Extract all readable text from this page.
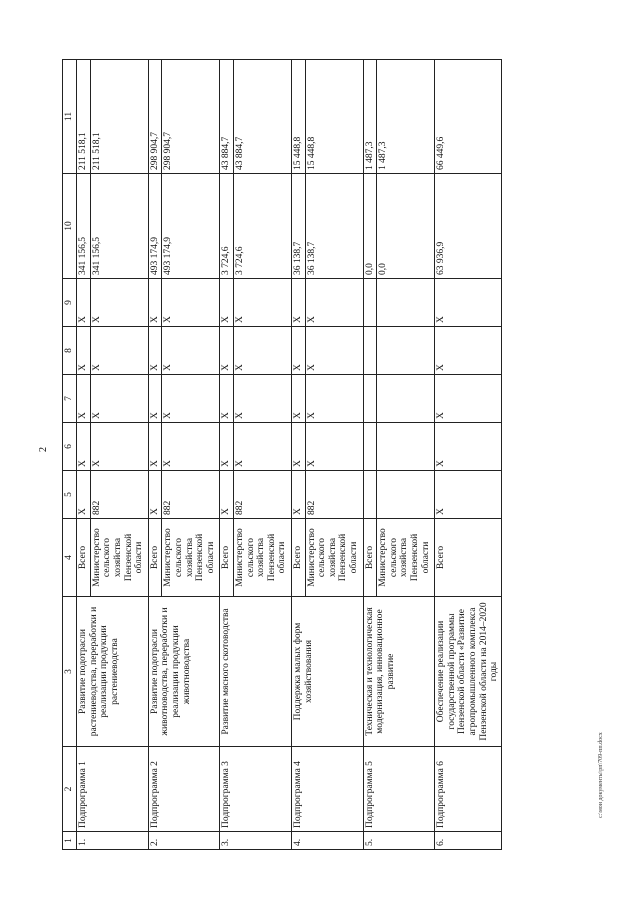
2
1	2	3	4	5	6	7	8	9	10	11
1.	Подпрограмма 1	Развитие подотрасли растениеводства, переработки и реализации продукции растениеводства	Всего	Х	Х	Х	Х	Х	341 156,5	211 518,1
			Министерство сельского хозяйства Пензенской области	882	Х	Х	Х	Х	341 156,5	211 518,1
2.	Подпрограмма 2	Развитие подотрасли животноводства, переработки и реализации продукции животноводства	Всего	Х	Х	Х	Х	Х	493 174,9	298 904,7
			Министерство сельского хозяйства Пензенской области	882	Х	Х	Х	Х	493 174,9	298 904,7
3.	Подпрограмма 3	Развитие мясного скотоводства	Всего	Х	Х	Х	Х	Х	3 724,6	43 884,7
			Министерство сельского хозяйства Пензенской области	882	Х	Х	Х	Х	3 724,6	43 884,7
4.	Подпрограмма 4	Поддержка малых форм хозяйствования	Всего	Х	Х	Х	Х	Х	36 138,7	15 448,8
			Министерство сельского хозяйства Пензенской области	882	Х	Х	Х	Х	36 138,7	15 448,8
5.	Подпрограмма 5	Техническая и технологическая модернизация, инновационное развитие	Всего						0,0	1 487,3
			Министерство сельского хозяйства Пензенской области						0,0	1 487,3
6.	Подпрограмма 6	Обеспечение реализации государственной программы Пензенской области «Развитие агропромышленного комплекса Пензенской области на 2014–2020 годы	Всего	Х	Х	Х	Х	Х	63 936,9	66 449,6
c:\мои документы\рп\709-пп.docx
